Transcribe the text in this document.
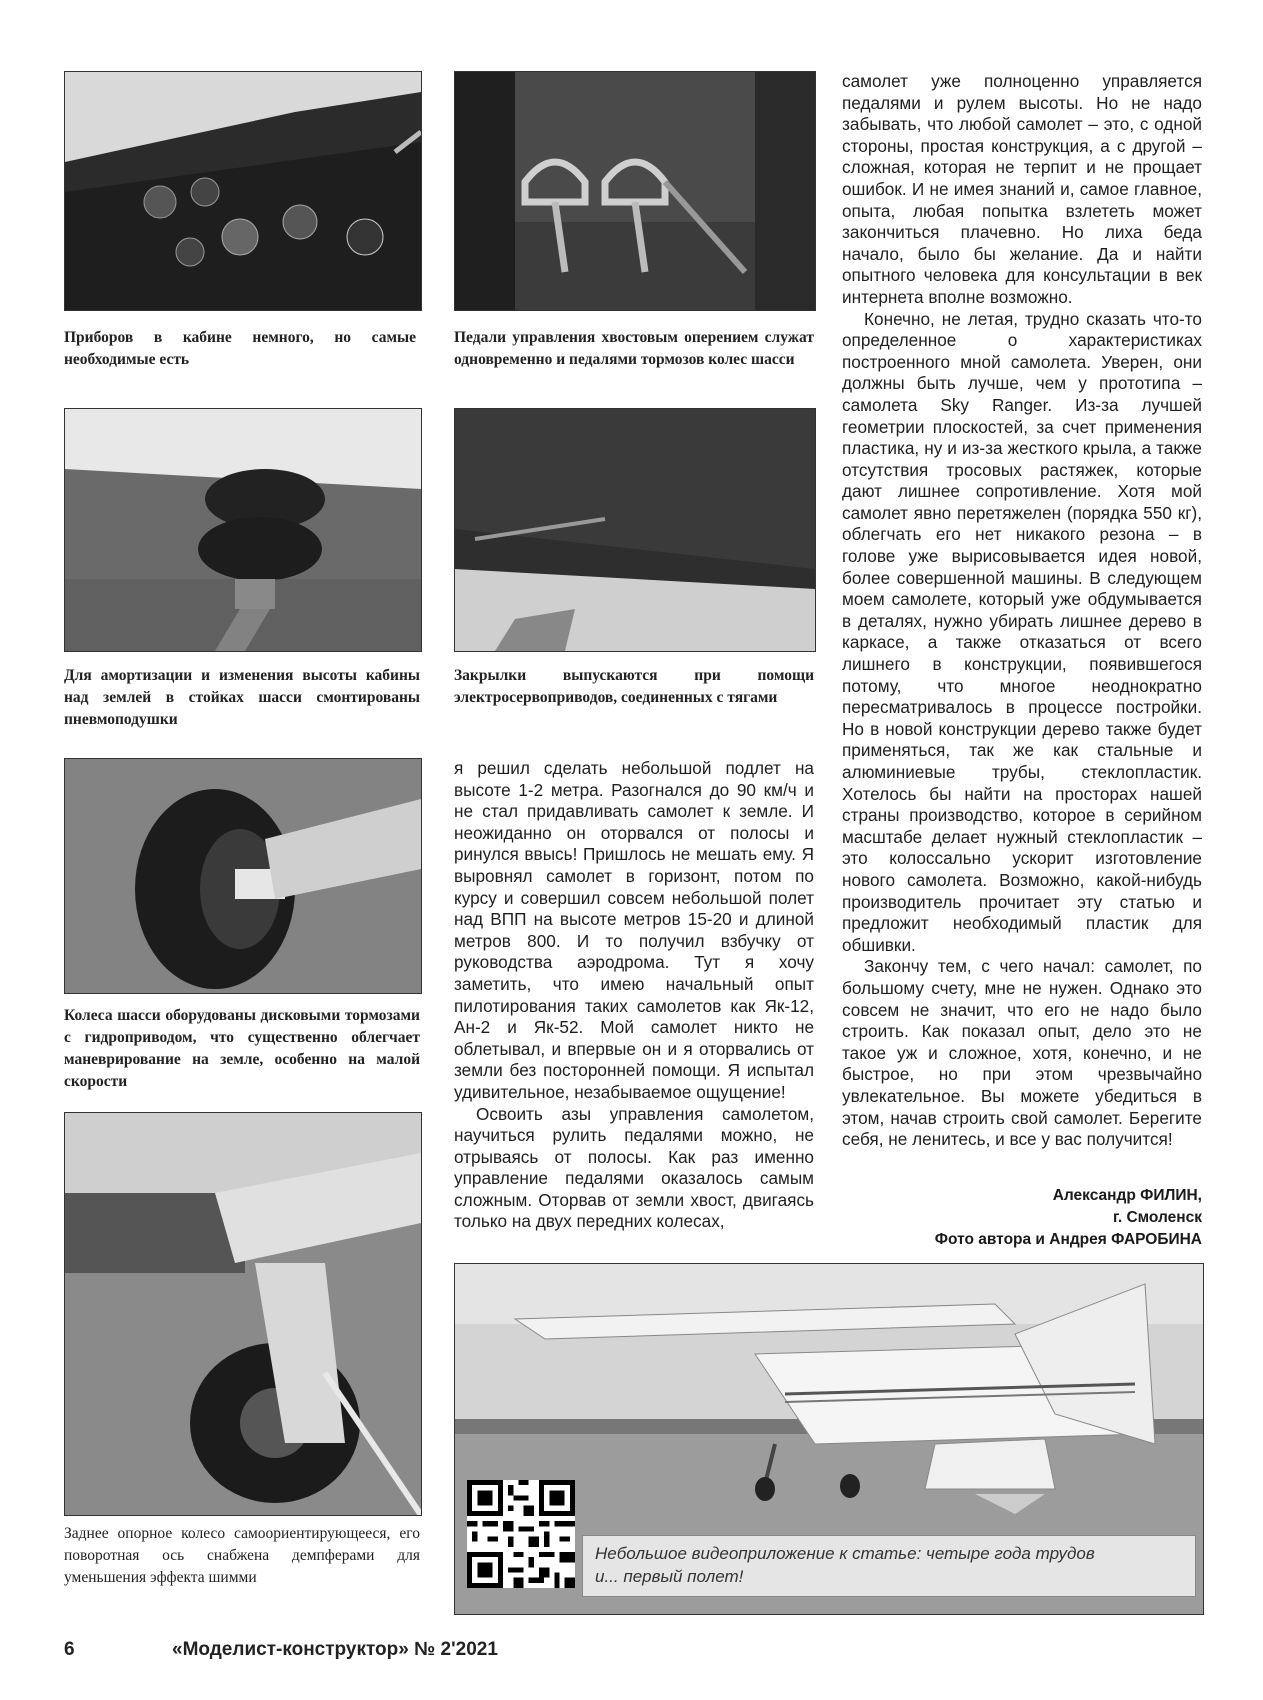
Приборов в кабине немного, но самые необходимые есть
Педали управления хвостовым оперением служат одновременно и педалями тормозов колес шасси
Для амортизации и изменения высоты кабины над землей в стойках шасси смонтированы пневмоподушки
Закрылки выпускаются при помощи электросервоприводов, соединенных с тягами
Колеса шасси оборудованы дисковыми тормозами с гидроприводом, что существенно облегчает маневрирование на земле, особенно на малой скорости
Заднее опорное колесо самоориентирующееся, его поворотная ось снабжена демпферами для уменьшения эффекта шимми

я решил сделать небольшой подлет на высоте 1-2 метра. Разогнался до 90 км/ч и не стал придавливать самолет к земле. И неожиданно он оторвался от полосы и ринулся ввысь! Пришлось не мешать ему. Я выровнял самолет в горизонт, потом по курсу и совершил совсем небольшой полет над ВПП на высоте метров 15-20 и длиной метров 800. И то получил взбучку от руководства аэродрома. Тут я хочу заметить, что имею начальный опыт пилотирования таких самолетов как Як-12, Ан-2 и Як-52. Мой самолет никто не облетывал, и впервые он и я оторвались от земли без посторонней помощи. Я испытал удивительное, незабываемое ощущение!

Освоить азы управления самолетом, научиться рулить педалями можно, не отрываясь от полосы. Как раз именно управление педалями оказалось самым сложным. Оторвав от земли хвост, двигаясь только на двух передних колесах,

самолет уже полноценно управляется педалями и рулем высоты. Но не надо забывать, что любой самолет – это, с одной стороны, простая конструкция, а с другой – сложная, которая не терпит и не прощает ошибок. И не имея знаний и, самое главное, опыта, любая попытка взлететь может закончиться плачевно. Но лиха беда начало, было бы желание. Да и найти опытного человека для консультации в век интернета вполне возможно.

Конечно, не летая, трудно сказать что-то определенное о характеристиках построенного мной самолета. Уверен, они должны быть лучше, чем у прототипа – самолета Sky Ranger. Из-за лучшей геометрии плоскостей, за счет применения пластика, ну и из-за жесткого крыла, а также отсутствия тросовых растяжек, которые дают лишнее сопротивление. Хотя мой самолет явно перетяжелен (порядка 550 кг), облегчать его нет никакого резона – в голове уже вырисовывается идея новой, более совершенной машины. В следующем моем самолете, который уже обдумывается в деталях, нужно убирать лишнее дерево в каркасе, а также отказаться от всего лишнего в конструкции, появившегося потому, что многое неоднократно пересматривалось в процессе постройки. Но в новой конструкции дерево также будет применяться, так же как стальные и алюминиевые трубы, стеклопластик. Хотелось бы найти на просторах нашей страны производство, которое в серийном масштабе делает нужный стеклопластик – это колоссально ускорит изготовление нового самолета. Возможно, какой-нибудь производитель прочитает эту статью и предложит необходимый пластик для обшивки.

Закончу тем, с чего начал: самолет, по большому счету, мне не нужен. Однако это совсем не значит, что его не надо было строить. Как показал опыт, дело это не такое уж и сложное, хотя, конечно, и не быстрое, но при этом чрезвычайно увлекательное. Вы можете убедиться в этом, начав строить свой самолет. Берегите себя, не ленитесь, и все у вас получится!

Александр ФИЛИН,
г. Смоленск
Фото автора и Андрея ФАРОБИНА
Небольшое видеоприложение к статье: четыре года трудов и... первый полет!
6	«Моделист-конструктор» № 2'2021
